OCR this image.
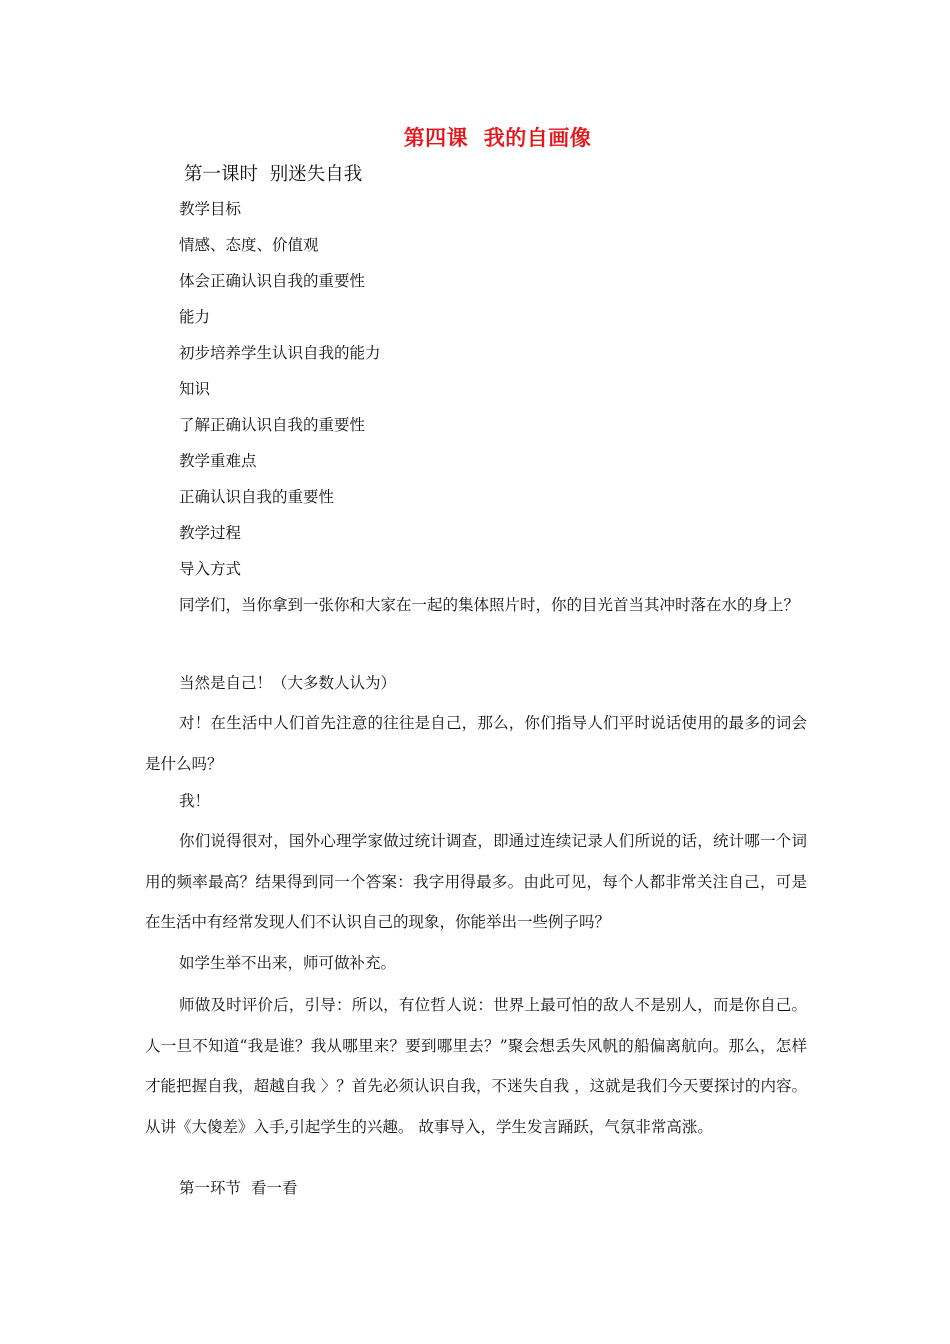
第四课  我的自画像
第一课时  别迷失自我
教学目标
情感、态度、价值观
体会正确认识自我的重要性
能力
初步培养学生认识自我的能力
知识
了解正确认识自我的重要性
教学重难点
正确认识自我的重要性
教学过程
导入方式
同学们，当你拿到一张你和大家在一起的集体照片时，你的目光首当其冲时落在水的身上？
当然是自己！（大多数人认为）
对！在生活中人们首先注意的往往是自己，那么，你们指导人们平时说话使用的最多的词会是什么吗？
我！
你们说得很对，国外心理学家做过统计调查，即通过连续记录人们所说的话，统计哪一个词用的频率最高？结果得到同一个答案：我字用得最多。由此可见，每个人都非常关注自己，可是在生活中有经常发现人们不认识自己的现象，你能举出一些例子吗？
如学生举不出来，师可做补充。
师做及时评价后，引导：所以，有位哲人说：世界上最可怕的敌人不是别人，而是你自己。人一旦不知道“我是谁？我从哪里来？要到哪里去？”聚会想丢失风帆的船偏离航向。那么，怎样才能把握自我，超越自我 〉？首先必须认识自我，不迷失自我 ，这就是我们今天要探讨的内容。从讲《大傻差》入手,引起学生的兴趣。 故事导入，学生发言踊跃，气氛非常高涨。
第一环节  看一看
